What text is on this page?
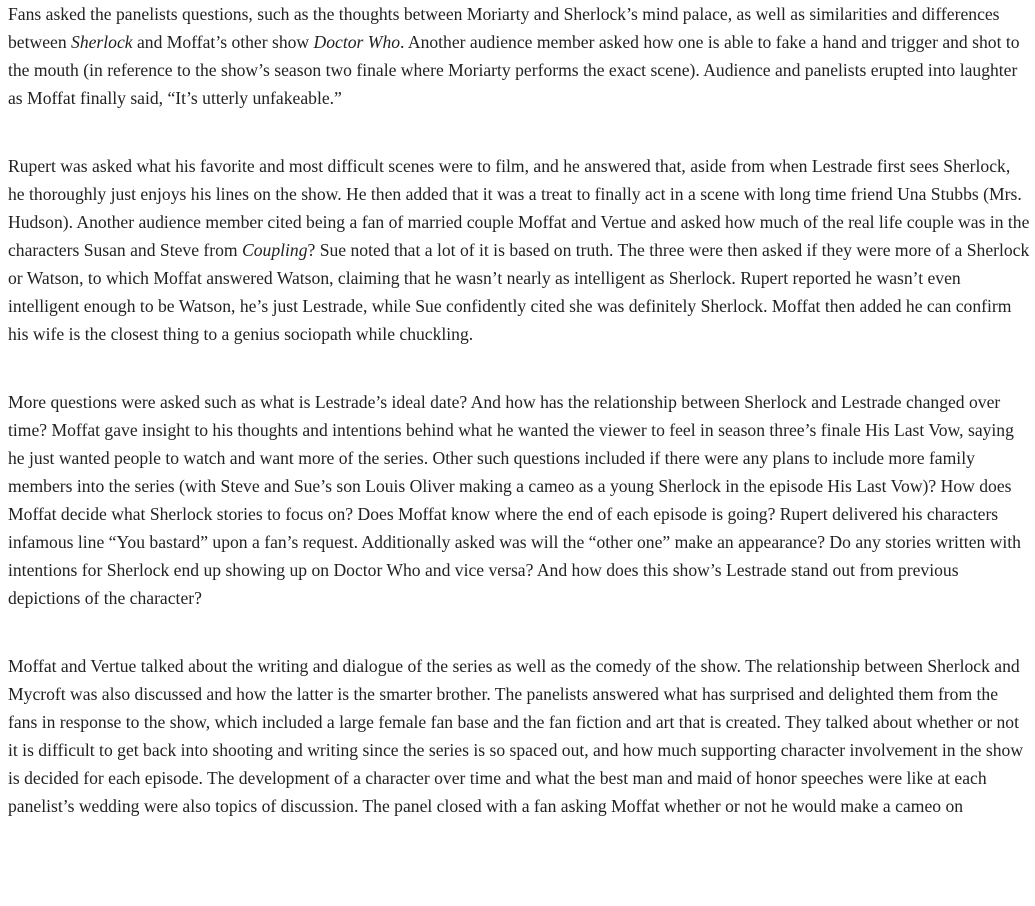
Fans asked the panelists questions, such as the thoughts between Moriarty and Sherlock’s mind palace, as well as similarities and differences between Sherlock and Moffat’s other show Doctor Who. Another audience member asked how one is able to fake a hand and trigger and shot to the mouth (in reference to the show’s season two finale where Moriarty performs the exact scene). Audience and panelists erupted into laughter as Moffat finally said, “It’s utterly unfakeable.”

Rupert was asked what his favorite and most difficult scenes were to film, and he answered that, aside from when Lestrade first sees Sherlock, he thoroughly just enjoys his lines on the show. He then added that it was a treat to finally act in a scene with long time friend Una Stubbs (Mrs. Hudson). Another audience member cited being a fan of married couple Moffat and Vertue and asked how much of the real life couple was in the characters Susan and Steve from Coupling? Sue noted that a lot of it is based on truth. The three were then asked if they were more of a Sherlock or Watson, to which Moffat answered Watson, claiming that he wasn’t nearly as intelligent as Sherlock. Rupert reported he wasn’t even intelligent enough to be Watson, he’s just Lestrade, while Sue confidently cited she was definitely Sherlock. Moffat then added he can confirm his wife is the closest thing to a genius sociopath while chuckling.

More questions were asked such as what is Lestrade’s ideal date? And how has the relationship between Sherlock and Lestrade changed over time? Moffat gave insight to his thoughts and intentions behind what he wanted the viewer to feel in season three’s finale His Last Vow, saying he just wanted people to watch and want more of the series. Other such questions included if there were any plans to include more family members into the series (with Steve and Sue’s son Louis Oliver making a cameo as a young Sherlock in the episode His Last Vow)? How does Moffat decide what Sherlock stories to focus on? Does Moffat know where the end of each episode is going? Rupert delivered his characters infamous line “You bastard” upon a fan’s request. Additionally asked was will the “other one” make an appearance? Do any stories written with intentions for Sherlock end up showing up on Doctor Who and vice versa? And how does this show’s Lestrade stand out from previous depictions of the character?

Moffat and Vertue talked about the writing and dialogue of the series as well as the comedy of the show. The relationship between Sherlock and Mycroft was also discussed and how the latter is the smarter brother. The panelists answered what has surprised and delighted them from the fans in response to the show, which included a large female fan base and the fan fiction and art that is created. They talked about whether or not it is difficult to get back into shooting and writing since the series is so spaced out, and how much supporting character involvement in the show is decided for each episode. The development of a character over time and what the best man and maid of honor speeches were like at each panelist’s wedding were also topics of discussion. The panel closed with a fan asking Moffat whether or not he would make a cameo on
